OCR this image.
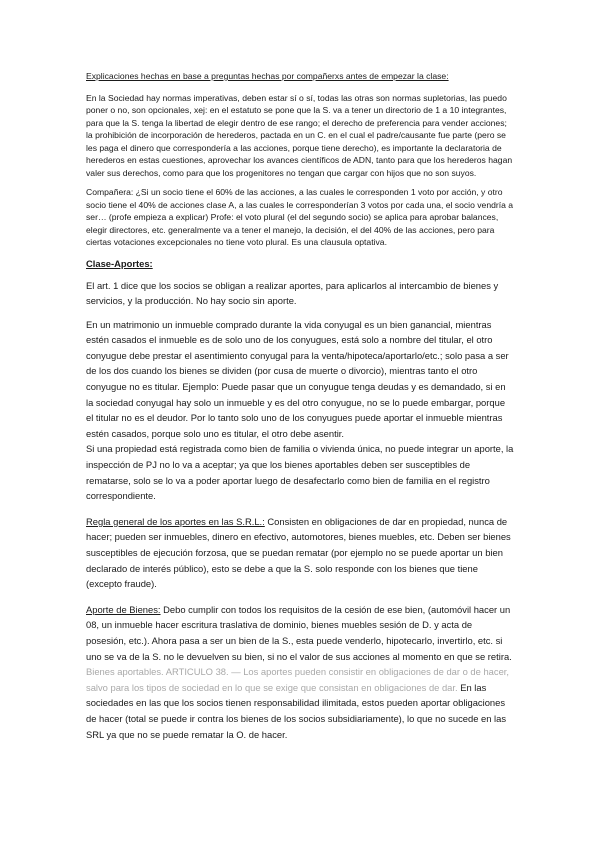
Explicaciones hechas en base a preguntas hechas por compañerxs antes de empezar la clase:

En la Sociedad hay normas imperativas, deben estar sí o sí, todas las otras son normas supletorias, las puedo poner o no, son opcionales, xej: en el estatuto se pone que la S. va a tener un directorio de 1 a 10 integrantes, para que la S. tenga la libertad de elegir dentro de ese rango; el derecho de preferencia para vender acciones; la prohibición de incorporación de herederos, pactada en un C. en el cual el padre/causante fue parte (pero se les paga el dinero que correspondería a las acciones, porque tiene derecho), es importante la declaratoria de herederos en estas cuestiones, aprovechar los avances científicos de ADN, tanto para que los herederos hagan valer sus derechos, como para que los progenitores no tengan que cargar con hijos que no son suyos.

Compañera: ¿Si un socio tiene el 60% de las acciones, a las cuales le corresponden 1 voto por acción, y otro socio tiene el 40% de acciones clase A, a las cuales le corresponderían 3 votos por cada una, el socio vendría a ser… (profe empieza a explicar) Profe: el voto plural (el del segundo socio) se aplica para aprobar balances, elegir directores, etc. generalmente va a tener el manejo, la decisión, el del 40% de las acciones, pero para ciertas votaciones excepcionales no tiene voto plural. Es una clausula optativa.

Clase-Aportes:

El art. 1 dice que los socios se obligan a realizar aportes, para aplicarlos al intercambio de bienes y servicios, y la producción. No hay socio sin aporte.

En un matrimonio un inmueble comprado durante la vida conyugal es un bien ganancial, mientras estén casados el inmueble es de solo uno de los conyugues, está solo a nombre del titular, el otro conyugue debe prestar el asentimiento conyugal para la venta/hipoteca/aportarlo/etc.; solo pasa a ser de los dos cuando los bienes se dividen (por cusa de muerte o divorcio), mientras tanto el otro conyugue no es titular. Ejemplo: Puede pasar que un conyugue tenga deudas y es demandado, si en la sociedad conyugal hay solo un inmueble y es del otro conyugue, no se lo puede embargar, porque el titular no es el deudor. Por lo tanto solo uno de los conyugues puede aportar el inmueble mientras estén casados, porque solo uno es titular, el otro debe asentir.

Si una propiedad está registrada como bien de familia o vivienda única, no puede integrar un aporte, la inspección de PJ no lo va a aceptar; ya que los bienes aportables deben ser susceptibles de rematarse, solo se lo va a poder aportar luego de desafectarlo como bien de familia en el registro correspondiente.

Regla general de los aportes en las S.R.L.: Consisten en obligaciones de dar en propiedad, nunca de hacer; pueden ser inmuebles, dinero en efectivo, automotores, bienes muebles, etc. Deben ser bienes susceptibles de ejecución forzosa, que se puedan rematar (por ejemplo no se puede aportar un bien declarado de interés público), esto se debe a que la S. solo responde con los bienes que tiene (excepto fraude).

Aporte de Bienes: Debo cumplir con todos los requisitos de la cesión de ese bien, (automóvil hacer un 08, un inmueble hacer escritura traslativa de dominio, bienes muebles sesión de D. y acta de posesión, etc.). Ahora pasa a ser un bien de la S., esta puede venderlo, hipotecarlo, invertirlo, etc. si uno se va de la S. no le devuelven su bien, si no el valor de sus acciones al momento en que se retira. Bienes aportables. ARTICULO 38. — Los aportes pueden consistir en obligaciones de dar o de hacer, salvo para los tipos de sociedad en lo que se exige que consistan en obligaciones de dar. En las sociedades en las que los socios tienen responsabilidad ilimitada, estos pueden aportar obligaciones de hacer (total se puede ir contra los bienes de los socios subsidiariamente), lo que no sucede en las SRL ya que no se puede rematar la O. de hacer.
